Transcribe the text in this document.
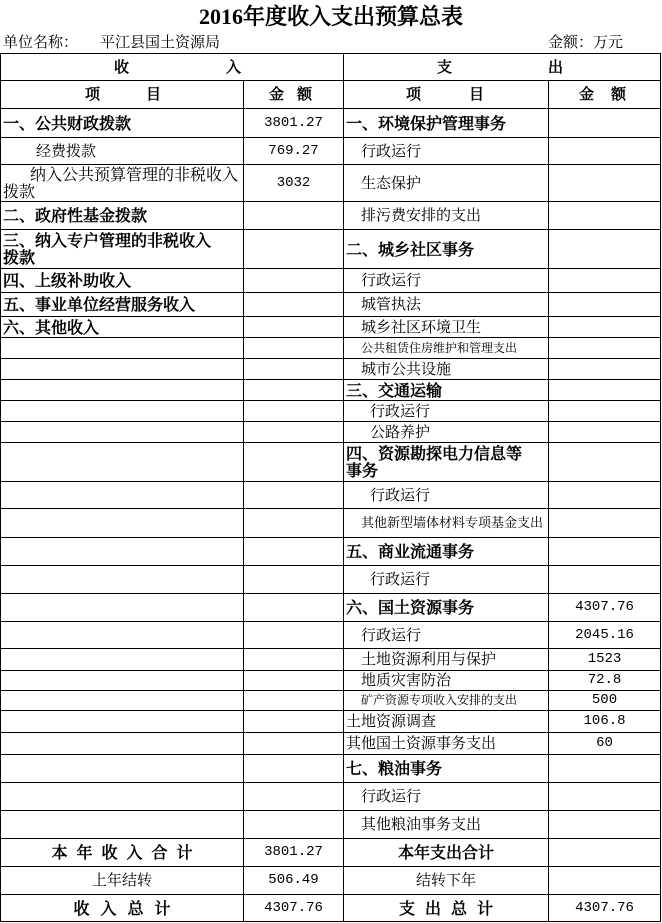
2016年度收入支出预算总表
单位名称： 平江县国土资源局	金额：万元
收入		支出	
项目	金额	项目	金额
一、公共财政拨款	3801.27	一、环境保护管理事务	
经费拨款	769.27	行政运行	
纳入公共预算管理的非税收入拨款	3032	生态保护	
二、政府性基金拨款		排污费安排的支出	
三、纳入专户管理的非税收入拨款		二、城乡社区事务	
四、上级补助收入		行政运行	
五、事业单位经营服务收入		城管执法	
六、其他收入		城乡社区环境卫生	
		公共租赁住房维护和管理支出	
		城市公共设施	
		三、交通运输	
		行政运行	
		公路养护	
		四、资源勘探电力信息等事务	
		行政运行	
		其他新型墙体材料专项基金支出	
		五、商业流通事务	
		行政运行	
		六、国土资源事务	4307.76
		行政运行	2045.16
		土地资源利用与保护	1523
		地质灾害防治	72.8
		矿产资源专项收入安排的支出	500
		土地资源调查	106.8
		其他国土资源事务支出	60
		七、粮油事务	
		行政运行	
		其他粮油事务支出	
本年收入合计	3801.27	本年支出合计	
上年结转	506.49	结转下年	
收入总计	4307.76	支出总计	4307.76
